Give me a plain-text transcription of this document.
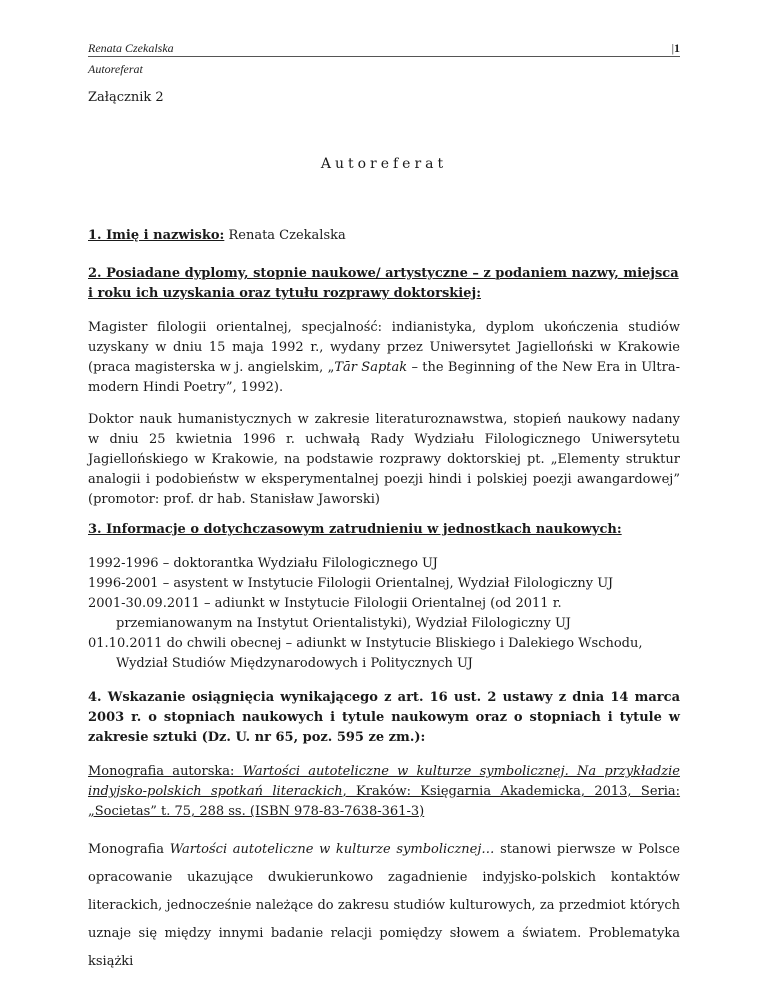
Renata Czekalska
Autoreferat
|1

Załącznik 2

Autoreferat

1. Imię i nazwisko: Renata Czekalska

2. Posiadane dyplomy, stopnie naukowe/ artystyczne – z podaniem nazwy, miejsca i roku ich uzyskania oraz tytułu rozprawy doktorskiej:

Magister filologii orientalnej, specjalność: indianistyka, dyplom ukończenia studiów uzyskany w dniu 15 maja 1992 r., wydany przez Uniwersytet Jagielloński w Krakowie (praca magisterska w j. angielskim, „Tār Saptak – the Beginning of the New Era in Ultra-modern Hindi Poetry”, 1992).

Doktor nauk humanistycznych w zakresie literaturoznawstwa, stopień naukowy nadany w dniu 25 kwietnia 1996 r. uchwałą Rady Wydziału Filologicznego Uniwersytetu Jagiellońskiego w Krakowie, na podstawie rozprawy doktorskiej pt. „Elementy struktur analogii i podobieństw w eksperymentalnej poezji hindi i polskiej poezji awangardowej” (promotor: prof. dr hab. Stanisław Jaworski)

3. Informacje o dotychczasowym zatrudnieniu w jednostkach naukowych:

1992-1996 – doktorantka Wydziału Filologicznego UJ

1996-2001 – asystent w Instytucie Filologii Orientalnej, Wydział Filologiczny UJ

2001-30.09.2011 – adiunkt w Instytucie Filologii Orientalnej (od 2011 r. przemianowanym na Instytut Orientalistyki), Wydział Filologiczny UJ

01.10.2011 do chwili obecnej – adiunkt w Instytucie Bliskiego i Dalekiego Wschodu, Wydział Studiów Międzynarodowych i Politycznych UJ

4. Wskazanie osiągnięcia wynikającego z art. 16 ust. 2 ustawy z dnia 14 marca 2003 r. o stopniach naukowych i tytule naukowym oraz o stopniach i tytule w zakresie sztuki (Dz. U. nr 65, poz. 595 ze zm.):

Monografia autorska: Wartości autoteliczne w kulturze symbolicznej. Na przykładzie indyjsko-polskich spotkań literackich, Kraków: Księgarnia Akademicka, 2013, Seria: „Societas” t. 75, 288 ss. (ISBN 978-83-7638-361-3)

Monografia Wartości autoteliczne w kulturze symbolicznej… stanowi pierwsze w Polsce opracowanie ukazujące dwukierunkowo zagadnienie indyjsko-polskich kontaktów literackich, jednocześnie należące do zakresu studiów kulturowych, za przedmiot których uznaje się między innymi badanie relacji pomiędzy słowem a światem. Problematyka książki
